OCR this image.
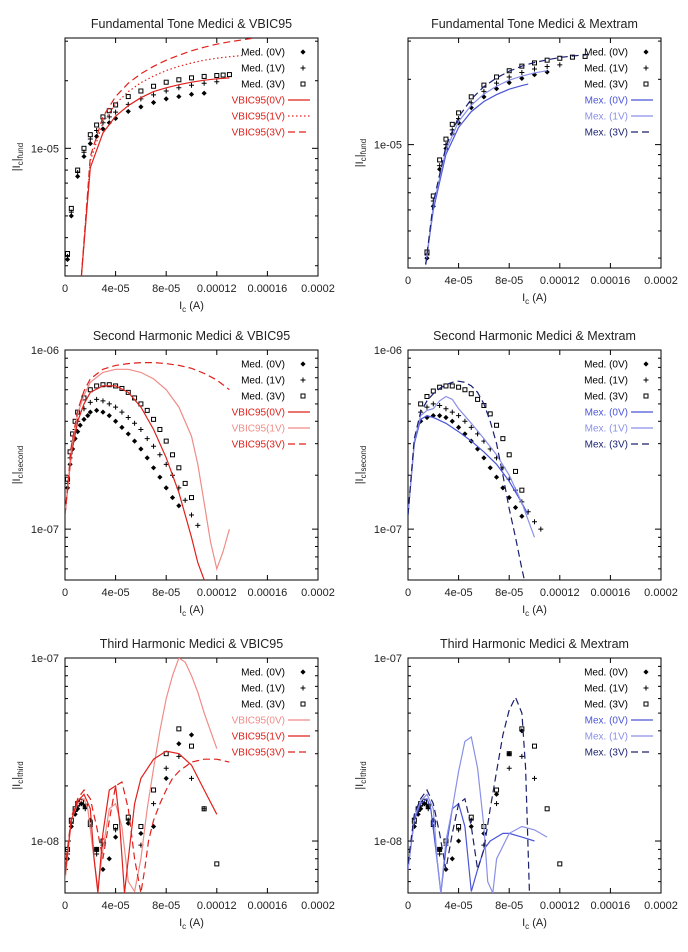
Fundamental Tone Medici & VBIC95
0	4e-05 8e-05 0.00012 0.00016 0.0002
1e-05
$I_c$ (A)
$|I_c|_{fund}$
Med. (0V)
Med. (1V)
Med. (3V)
VBIC95(0V)
VBIC95(1V)
VBIC95(3V)
Fundamental Tone Medici & Mextram
0	4e-05 8e-05 0.00012 0.00016 0.0002
1e-05
$I_c$ (A)
$|I_c|_{fund}$
Med. (0V)
Med. (1V)
Med. (3V)
Mex. (0V)
Mex. (1V)
Mex. (3V)
Second Harmonic Medici & VBIC95
0	4e-05 8e-05 0.00012 0.00016 0.0002
1e-07
1e-06
$I_c$ (A)
$|I_c|_{second}$
Med. (0V)
Med. (1V)
Med. (3V)
VBIC95(0V)
VBIC95(1V)
VBIC95(3V)
Second Harmonic Medici & Mextram
0	4e-05 8e-05 0.00012 0.00016 0.0002
1e-07
1e-06
$I_c$ (A)
$|I_c|_{second}$
Med. (0V)
Med. (1V)
Med. (3V)
Mex. (0V)
Mex. (1V)
Mex. (3V)
Third Harmonic Medici & VBIC95
0	4e-05 8e-05 0.00012 0.00016 0.0002
1e-08
1e-07
$I_c$ (A)
$|I_c|_{third}$
Med. (0V)
Med. (1V)
Med. (3V)
VBIC95(0V)
VBIC95(1V)
VBIC95(3V)
Third Harmonic Medici & Mextram
0	4e-05 8e-05 0.00012 0.00016 0.0002
1e-08
1e-07
$I_c$ (A)
$|I_c|_{third}$
Med. (0V)
Med. (1V)
Med. (3V)
Mex. (0V)
Mex. (1V)
Mex. (3V)
